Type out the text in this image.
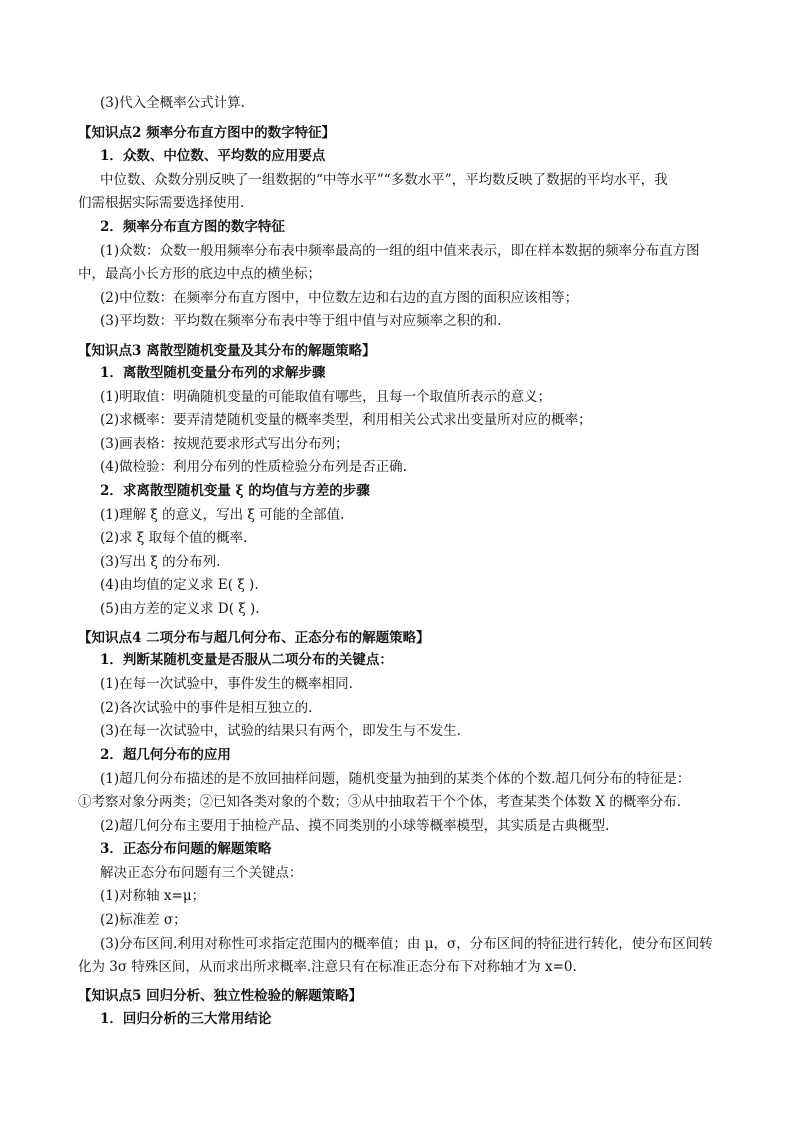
(3)代入全概率公式计算.
【知识点2 频率分布直方图中的数字特征】
1．众数、中位数、平均数的应用要点
中位数、众数分别反映了一组数据的“中等水平”“多数水平”，平均数反映了数据的平均水平，我
们需根据实际需要选择使用.
2．频率分布直方图的数字特征
(1)众数：众数一般用频率分布表中频率最高的一组的组中值来表示，即在样本数据的频率分布直方图
中，最高小长方形的底边中点的横坐标；
(2)中位数：在频率分布直方图中，中位数左边和右边的直方图的面积应该相等；
(3)平均数：平均数在频率分布表中等于组中值与对应频率之积的和.
【知识点3 离散型随机变量及其分布的解题策略】
1．离散型随机变量分布列的求解步骤
(1)明取值：明确随机变量的可能取值有哪些，且每一个取值所表示的意义；
(2)求概率：要弄清楚随机变量的概率类型，利用相关公式求出变量所对应的概率；
(3)画表格：按规范要求形式写出分布列；
(4)做检验：利用分布列的性质检验分布列是否正确.
2．求离散型随机变量 ξ 的均值与方差的步骤
(1)理解 ξ 的意义，写出 ξ 可能的全部值.
(2)求 ξ 取每个值的概率.
(3)写出 ξ 的分布列.
(4)由均值的定义求 E( ξ ).
(5)由方差的定义求 D( ξ ).
【知识点4 二项分布与超几何分布、正态分布的解题策略】
1．判断某随机变量是否服从二项分布的关键点：
(1)在每一次试验中，事件发生的概率相同.
(2)各次试验中的事件是相互独立的.
(3)在每一次试验中，试验的结果只有两个，即发生与不发生.
2．超几何分布的应用
(1)超几何分布描述的是不放回抽样问题，随机变量为抽到的某类个体的个数.超几何分布的特征是：
①考察对象分两类；②已知各类对象的个数；③从中抽取若干个个体，考查某类个体数 X 的概率分布.
(2)超几何分布主要用于抽检产品、摸不同类别的小球等概率模型，其实质是古典概型.
3．正态分布问题的解题策略
解决正态分布问题有三个关键点：
(1)对称轴 x=μ；
(2)标准差 σ；
(3)分布区间.利用对称性可求指定范围内的概率值；由 μ，σ，分布区间的特征进行转化，使分布区间转
化为 3σ 特殊区间，从而求出所求概率.注意只有在标准正态分布下对称轴才为 x=0.
【知识点5 回归分析、独立性检验的解题策略】
1．回归分析的三大常用结论
